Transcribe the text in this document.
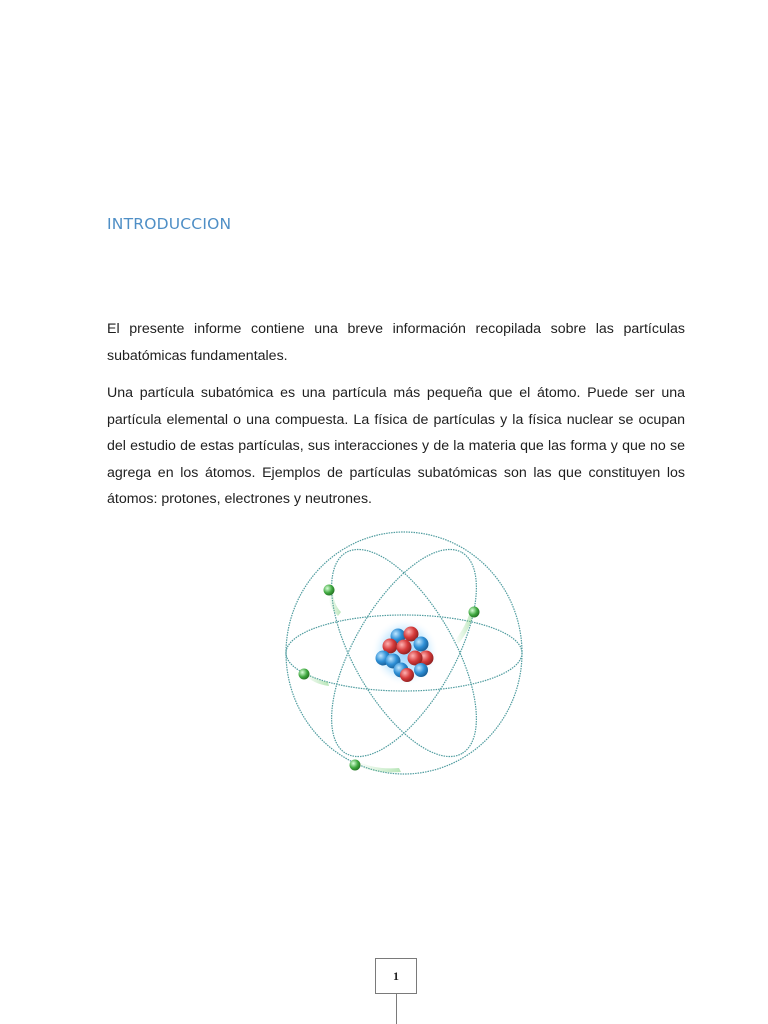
INTRODUCCION

El presente informe contiene una breve información recopilada sobre las partículas subatómicas fundamentales.

Una partícula subatómica es una partícula más pequeña que el átomo. Puede ser una partícula elemental o una compuesta. La física de partículas y la física nuclear se ocupan del estudio de estas partículas, sus interacciones y de la materia que las forma y que no se agrega en los átomos. Ejemplos de partículas subatómicas son las que constituyen los átomos: protones, electrones y neutrones.

1
